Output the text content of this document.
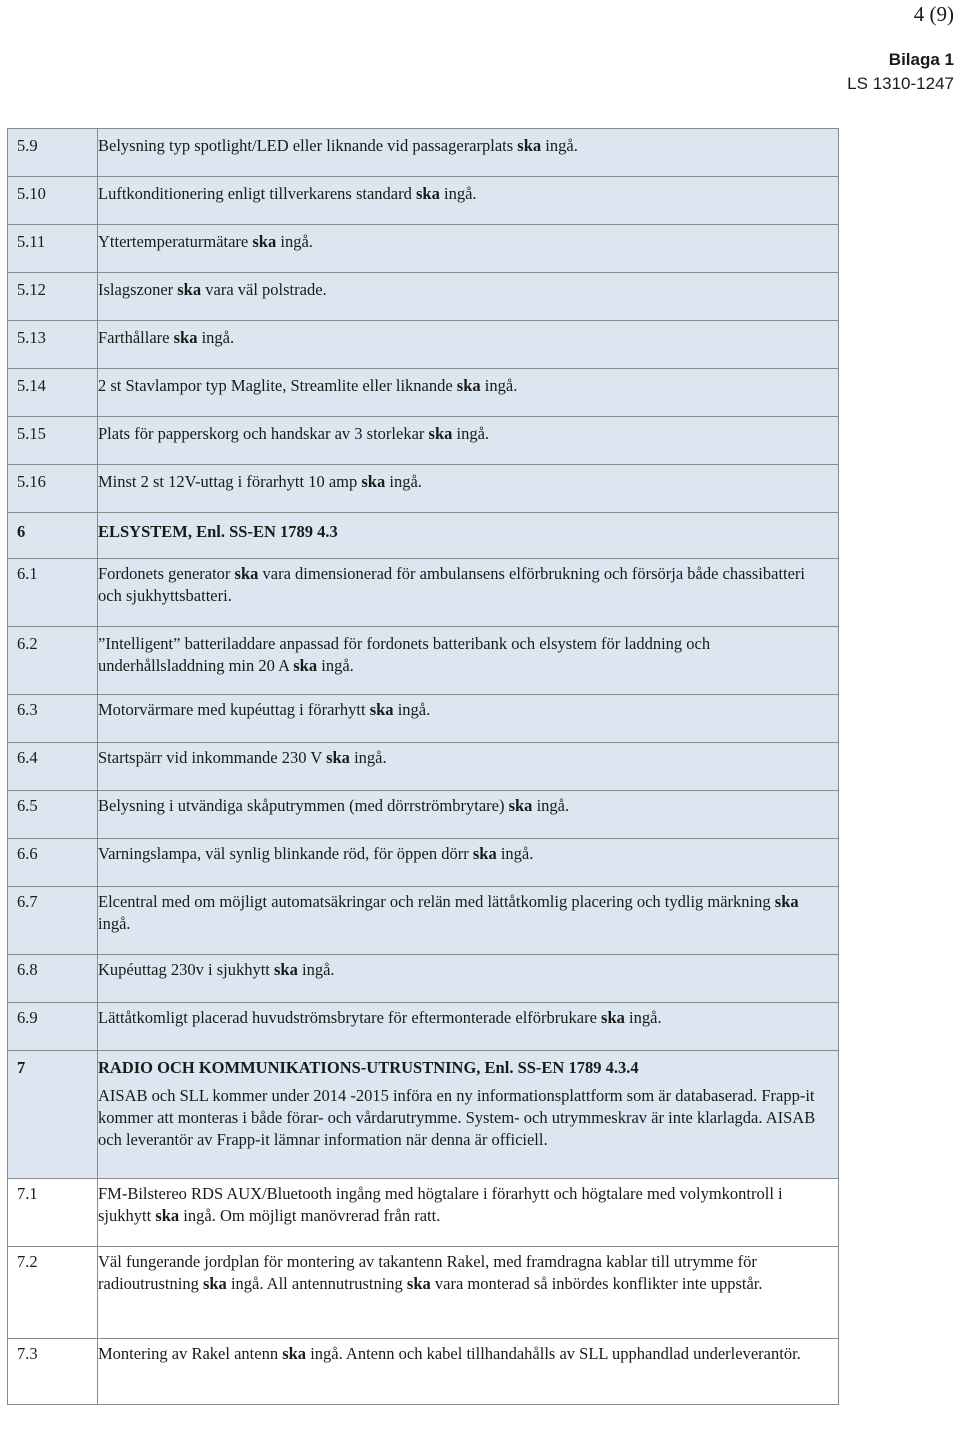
4 (9)
Bilaga 1
LS 1310-1247
5.9	Belysning typ spotlight/LED eller liknande vid passagerarplats ska ingå.
5.10	Luftkonditionering enligt tillverkarens standard ska ingå.
5.11	Yttertemperaturmätare ska ingå.
5.12	Islagszoner ska vara väl polstrade.
5.13	Farthållare ska ingå.
5.14	2 st Stavlampor typ Maglite, Streamlite eller liknande ska ingå.
5.15	Plats för papperskorg och handskar av 3 storlekar ska ingå.
5.16	Minst 2 st 12V-uttag i förarhytt 10 amp ska ingå.
6	ELSYSTEM, Enl. SS-EN 1789 4.3
6.1	Fordonets generator ska vara dimensionerad för ambulansens elförbrukning och försörja både chassibatteri och sjukhyttsbatteri.
6.2	”Intelligent” batteriladdare anpassad för fordonets batteribank och elsystem för laddning och underhållsladdning min 20 A ska ingå.
6.3	Motorvärmare med kupéuttag i förarhytt ska ingå.
6.4	Startspärr vid inkommande 230 V ska ingå.
6.5	Belysning i utvändiga skåputrymmen (med dörrströmbrytare) ska ingå.
6.6	Varningslampa, väl synlig blinkande röd, för öppen dörr ska ingå.
6.7	Elcentral med om möjligt automatsäkringar och relän med lättåtkomlig placering och tydlig märkning ska ingå.
6.8	Kupéuttag 230v i sjukhytt ska ingå.
6.9	Lättåtkomligt placerad huvudströmsbrytare för eftermonterade elförbrukare ska ingå.
7	RADIO OCH KOMMUNIKATIONS-UTRUSTNING, Enl. SS-EN 1789 4.3.4
AISAB och SLL kommer under 2014 -2015 införa en ny informationsplattform som är databaserad. Frapp-it kommer att monteras i både förar- och vårdarutrymme. System- och utrymmeskrav är inte klarlagda. AISAB och leverantör av Frapp-it lämnar information när denna är officiell.

7.1	FM-Bilstereo RDS AUX/Bluetooth ingång med högtalare i förarhytt och högtalare med volymkontroll i sjukhytt ska ingå. Om möjligt manövrerad från ratt.
7.2	Väl fungerande jordplan för montering av takantenn Rakel, med framdragna kablar till utrymme för radioutrustning ska ingå. All antennutrustning ska vara monterad så inbördes konflikter inte uppstår.
7.3	Montering av Rakel antenn ska ingå. Antenn och kabel tillhandahålls av SLL upphandlad underleverantör.
